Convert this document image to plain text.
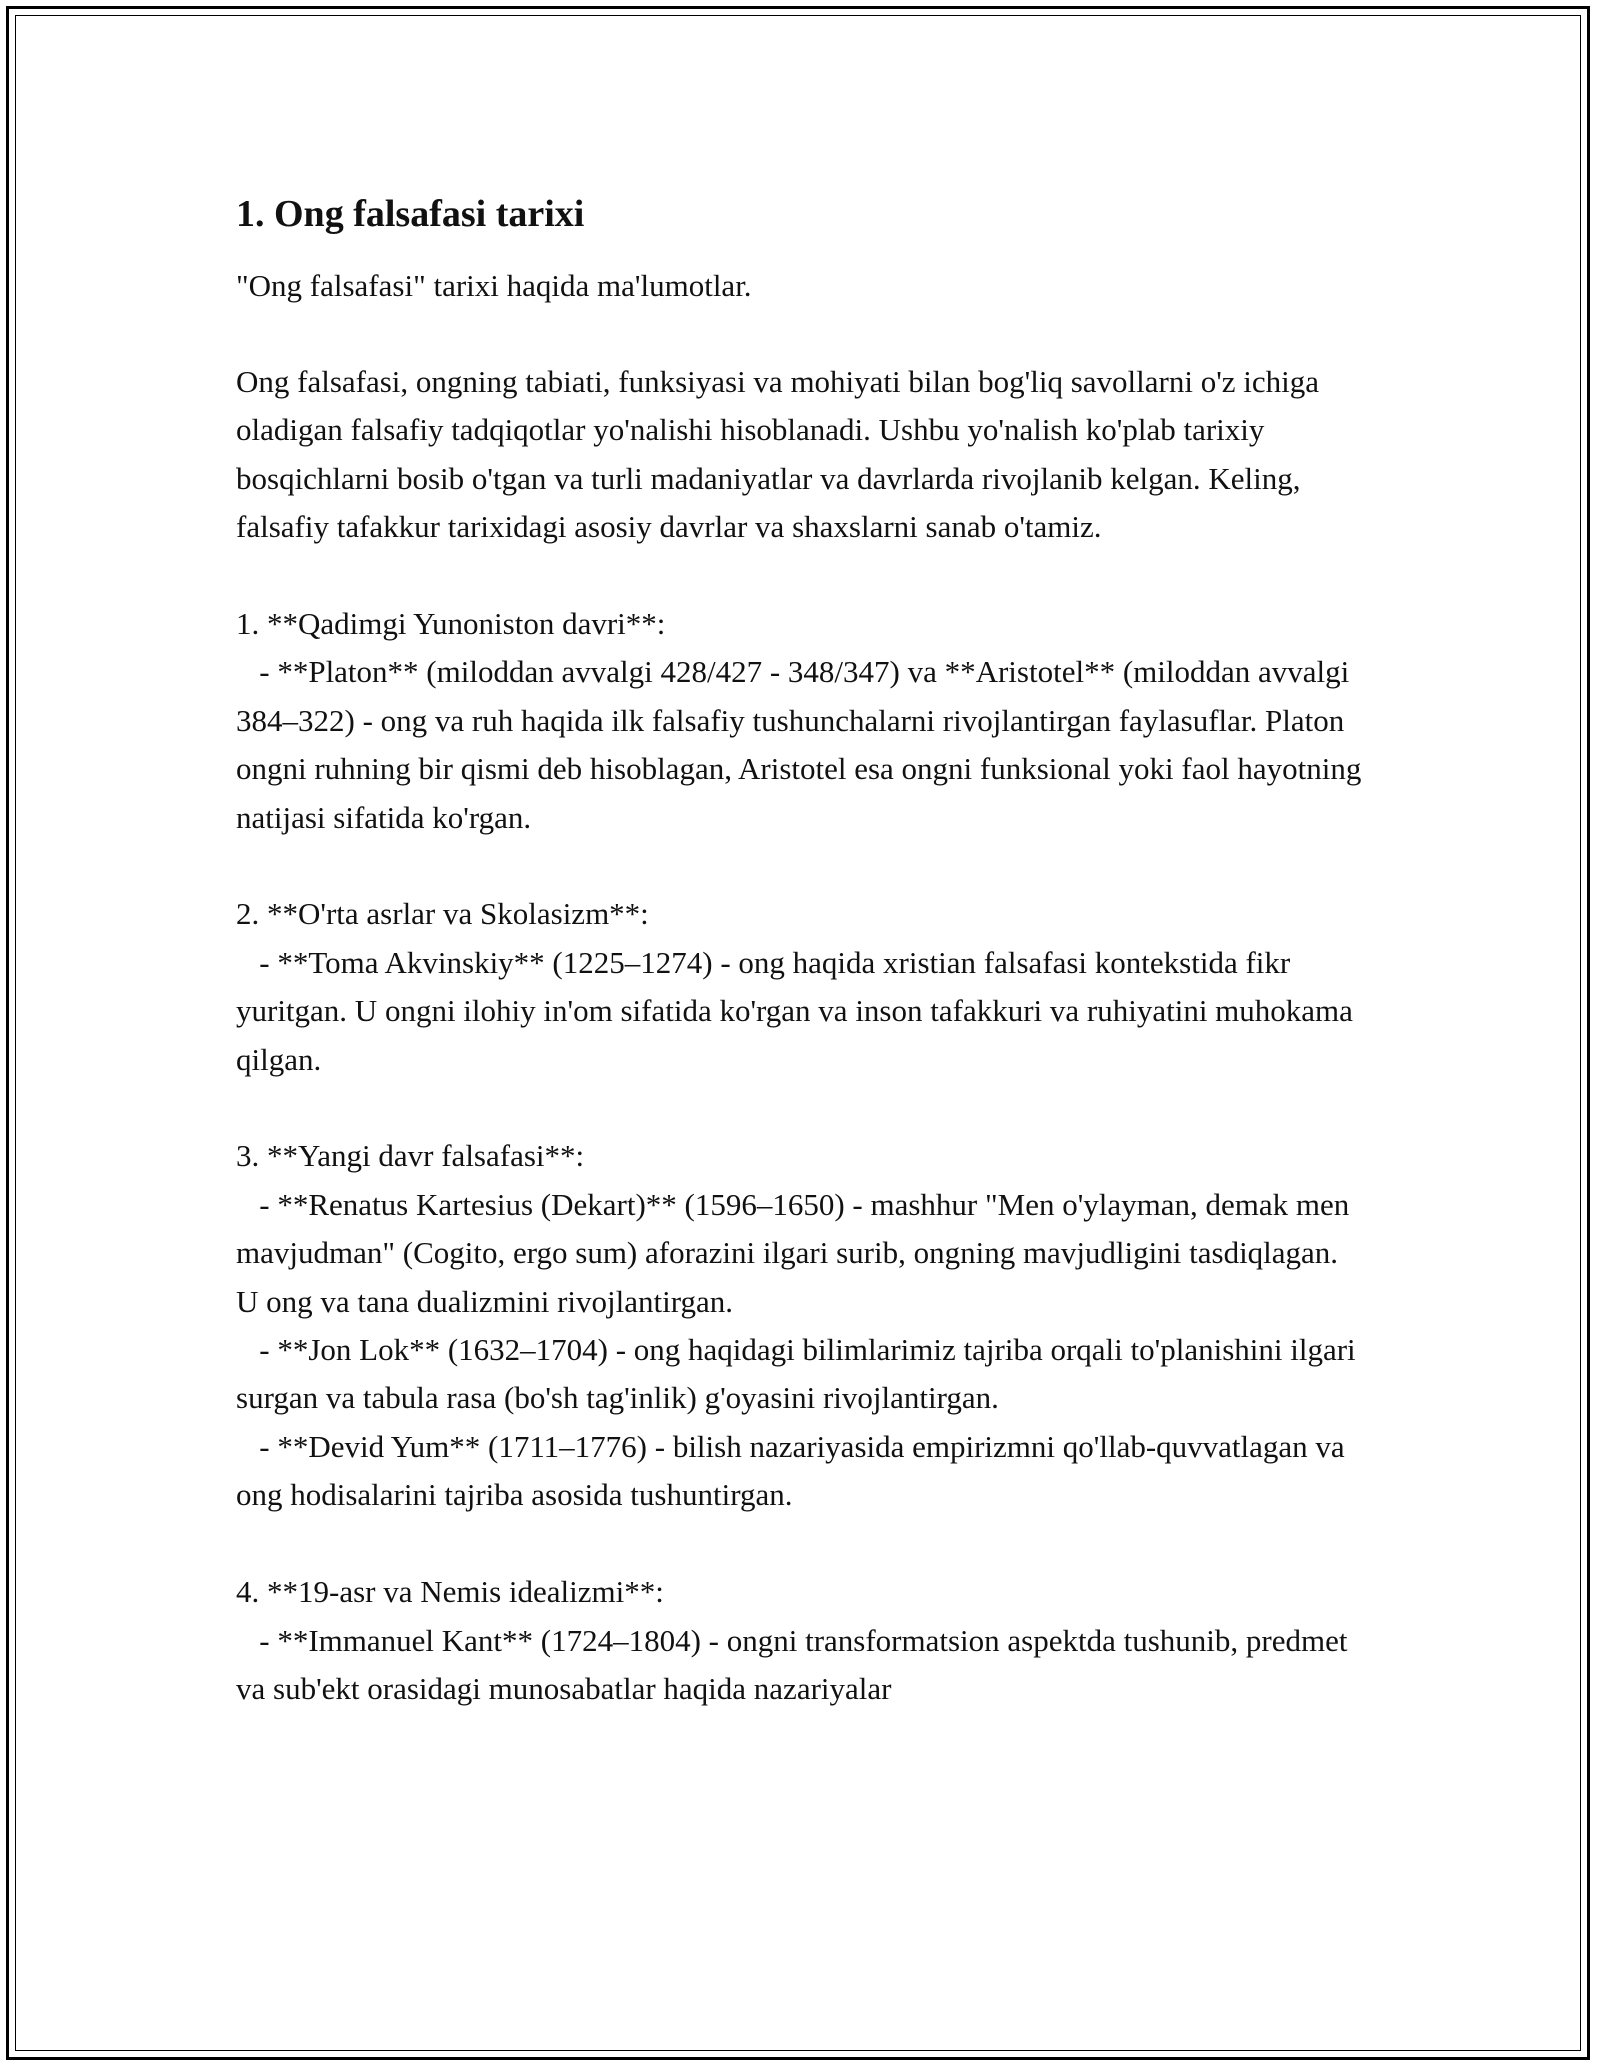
1. Ong falsafasi tarixi
"Ong falsafasi" tarixi haqida ma'lumotlar.
Ong falsafasi, ongning tabiati, funksiyasi va mohiyati bilan bog'liq savollarni o'z ichiga oladigan falsafiy tadqiqotlar yo'nalishi hisoblanadi. Ushbu yo'nalish ko'plab tarixiy bosqichlarni bosib o'tgan va turli madaniyatlar va davrlarda rivojlanib kelgan. Keling, falsafiy tafakkur tarixidagi asosiy davrlar va shaxslarni sanab o'tamiz.
1. **Qadimgi Yunoniston davri**:
- **Platon** (miloddan avvalgi 428/427 - 348/347) va **Aristotel** (miloddan avvalgi 384–322) - ong va ruh haqida ilk falsafiy tushunchalarni rivojlantirgan faylasuflar. Platon ongni ruhning bir qismi deb hisoblagan, Aristotel esa ongni funksional yoki faol hayotning natijasi sifatida ko'rgan.
2. **O'rta asrlar va Skolasizm**:
- **Toma Akvinskiy** (1225–1274) - ong haqida xristian falsafasi kontekstida fikr yuritgan. U ongni ilohiy in'om sifatida ko'rgan va inson tafakkuri va ruhiyatini muhokama qilgan.
3. **Yangi davr falsafasi**:
- **Renatus Kartesius (Dekart)** (1596–1650) - mashhur "Men o'ylayman, demak men mavjudman" (Cogito, ergo sum) aforazini ilgari surib, ongning mavjudligini tasdiqlagan. U ong va tana dualizmini rivojlantirgan.
- **Jon Lok** (1632–1704) - ong haqidagi bilimlarimiz tajriba orqali to'planishini ilgari surgan va tabula rasa (bo'sh tag'inlik) g'oyasini rivojlantirgan.
- **Devid Yum** (1711–1776) - bilish nazariyasida empirizmni qo'llab-quvvatlagan va ong hodisalarini tajriba asosida tushuntirgan.
4. **19-asr va Nemis idealizmi**:
- **Immanuel Kant** (1724–1804) - ongni transformatsion aspektda tushunib, predmet va sub'ekt orasidagi munosabatlar haqida nazariyalar
